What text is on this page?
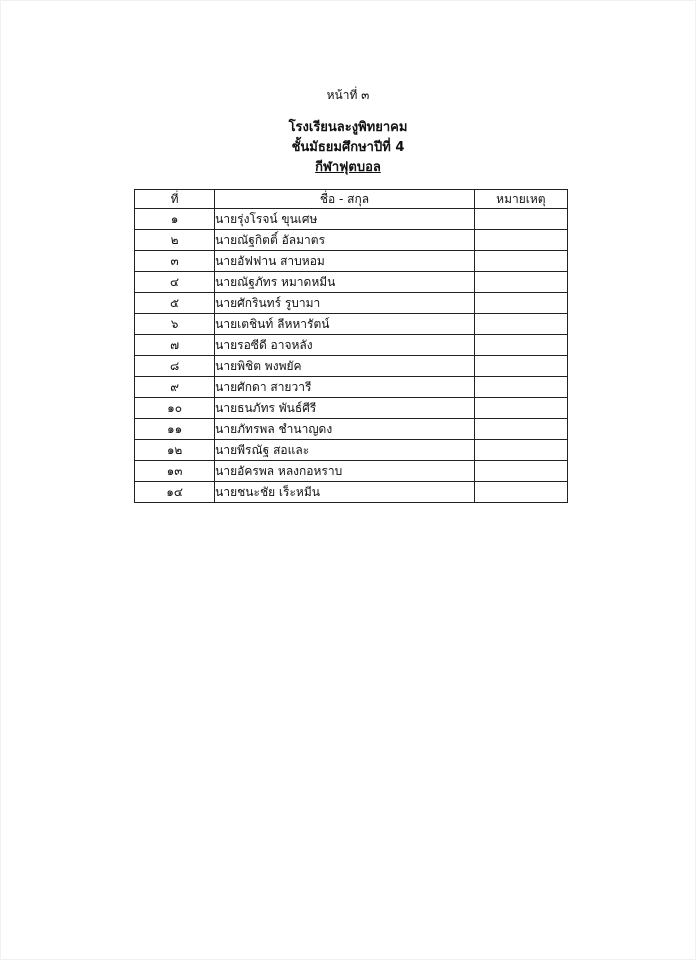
หน้าที่ ๓
โรงเรียนละงูพิทยาคม
ชั้นมัธยมศึกษาปีที่ 4
กีฬาฟุตบอล
ที่	ชื่อ - สกุล	หมายเหตุ
๑	นายรุ่งโรจน์ ขุนเศษ	
๒	นายณัฐกิตติ์ อัลมาตร	
๓	นายอัฟฟาน สาบหอม	
๔	นายณัฐภัทร หมาดหมีน	
๕	นายศักรินทร์ รูบามา	
๖	นายเตชินท์ ลีหหารัตน์	
๗	นายรอซีดี อาจหลัง	
๘	นายพิชิต พงพยัค	
๙	นายศักดา สายวารี	
๑๐	นายธนภัทร พันธ์ศีรี	
๑๑	นายภัทรพล ชำนาญดง	
๑๒	นายพีรณัฐ สอและ	
๑๓	นายอัครพล หลงกอหราบ	
๑๔	นายชนะชัย เร็ะหมีน	
